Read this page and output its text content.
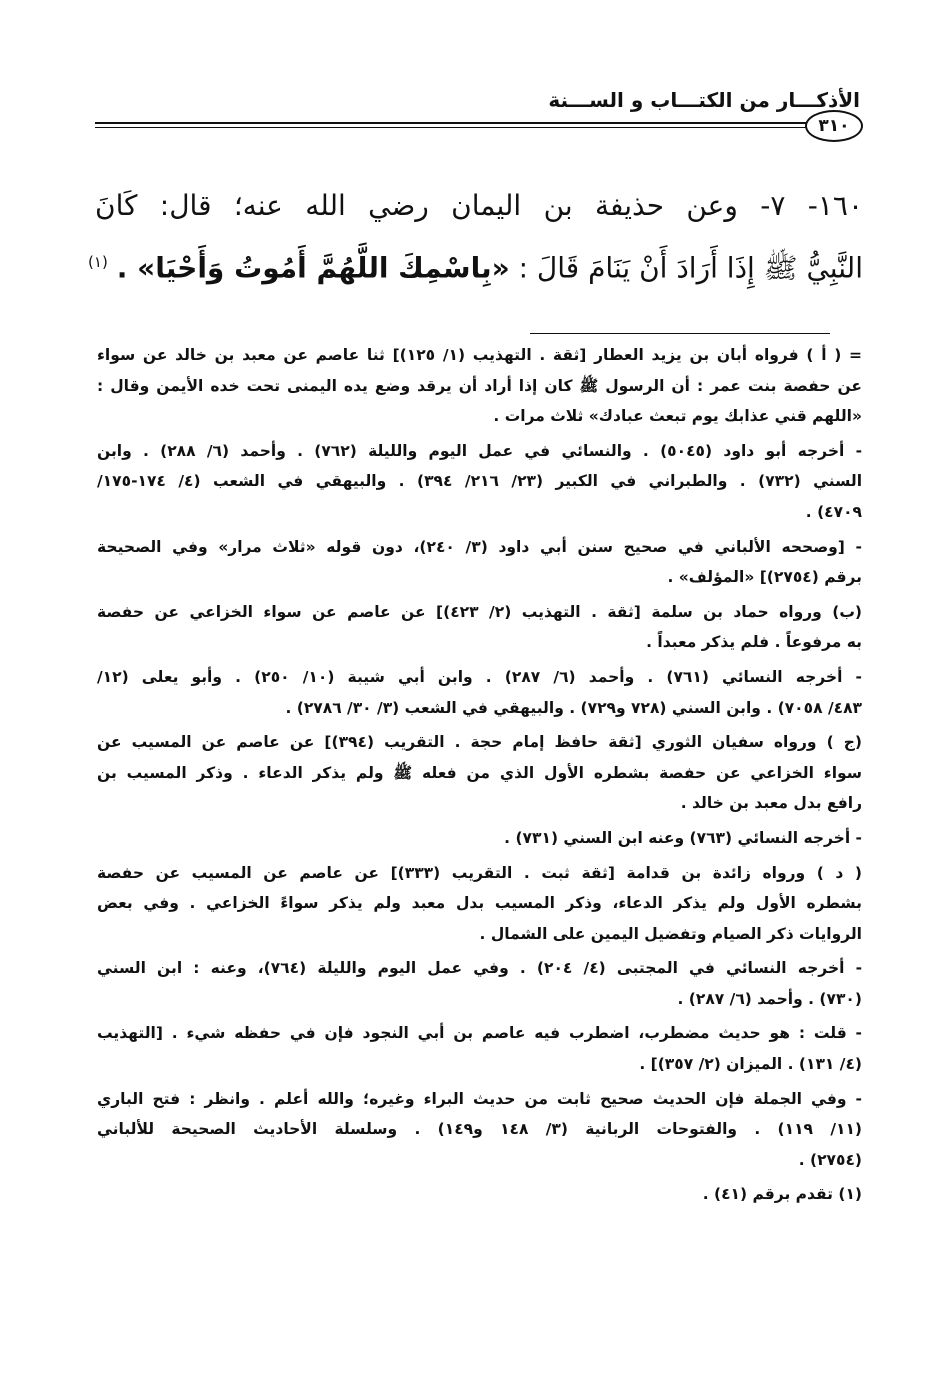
الأذكـــار من الكتـــاب و الســـنة
٣١٠
١٦٠- ٧- وعن حذيفة بن اليمان رضي الله عنه؛ قال: كَانَ
النَّبِيُّ ﷺ إِذَا أَرَادَ أَنْ يَنَامَ قَالَ : «بِاسْمِكَ اللَّهُمَّ أَمُوتُ وَأَحْيَا» . $^{(١)}$
= ( أ ) فرواه أبان بن يزيد العطار [ثقة . التهذيب (١/ ١٢٥)] ثنا عاصم عن معبد بن خالد عن سواء
عن حفصة بنت عمر : أن الرسول ﷺ كان إذا أراد أن يرقد وضع يده اليمنى تحت خده الأيمن وقال :
«اللهم قني عذابك يوم تبعث عبادك» ثلاث مرات .
- أخرجه أبو داود (٥٠٤٥) . والنسائي في عمل اليوم والليلة (٧٦٢) . وأحمد (٦/ ٢٨٨) . وابن
السني (٧٣٢) . والطبراني في الكبير (٢٣/ ٢١٦/ ٣٩٤) . والبيهقي في الشعب (٤/ ١٧٤-١٧٥/
٤٧٠٩) .
- [وصححه الألباني في صحيح سنن أبي داود (٣/ ٢٤٠)، دون قوله «ثلاث مرار» وفي الصحيحة
برقم (٢٧٥٤)] «المؤلف» .
(ب) ورواه حماد بن سلمة [ثقة . التهذيب (٢/ ٤٢٣)] عن عاصم عن سواء الخزاعي عن حفصة
به مرفوعاً . فلم يذكر معبداً .
- أخرجه النسائي (٧٦١) . وأحمد (٦/ ٢٨٧) . وابن أبي شيبة (١٠/ ٢٥٠) . وأبو يعلى (١٢/
٤٨٣/ ٧٠٥٨) . وابن السني (٧٢٨ و٧٢٩) . والبيهقي في الشعب (٣/ ٣٠/ ٢٧٨٦) .
(ج ) ورواه سفيان الثوري [ثقة حافظ إمام حجة . التقريب (٣٩٤)] عن عاصم عن المسيب عن
سواء الخزاعي عن حفصة بشطره الأول الذي من فعله ﷺ ولم يذكر الدعاء . وذكر المسيب بن
رافع بدل معبد بن خالد .
- أخرجه النسائي (٧٦٣) وعنه ابن السني (٧٣١) .
( د ) ورواه زائدة بن قدامة [ثقة ثبت . التقريب (٣٣٣)] عن عاصم عن المسيب عن حفصة
بشطره الأول ولم يذكر الدعاء، وذكر المسيب بدل معبد ولم يذكر سواءً الخزاعي . وفي بعض
الروايات ذكر الصيام وتفضيل اليمين على الشمال .
- أخرجه النسائي في المجتبى (٤/ ٢٠٤) . وفي عمل اليوم والليلة (٧٦٤)، وعنه : ابن السني
(٧٣٠) . وأحمد (٦/ ٢٨٧) .
- قلت : هو حديث مضطرب، اضطرب فيه عاصم بن أبي النجود فإن في حفظه شيء . [التهذيب
(٤/ ١٣١) . الميزان (٢/ ٣٥٧)] .
- وفي الجملة فإن الحديث صحيح ثابت من حديث البراء وغيره؛ والله أعلم . وانظر : فتح الباري
(١١/ ١١٩) . والفتوحات الربانية (٣/ ١٤٨ و١٤٩) . وسلسلة الأحاديث الصحيحة للألباني
(٢٧٥٤) .
(١) تقدم برقم (٤١) .
